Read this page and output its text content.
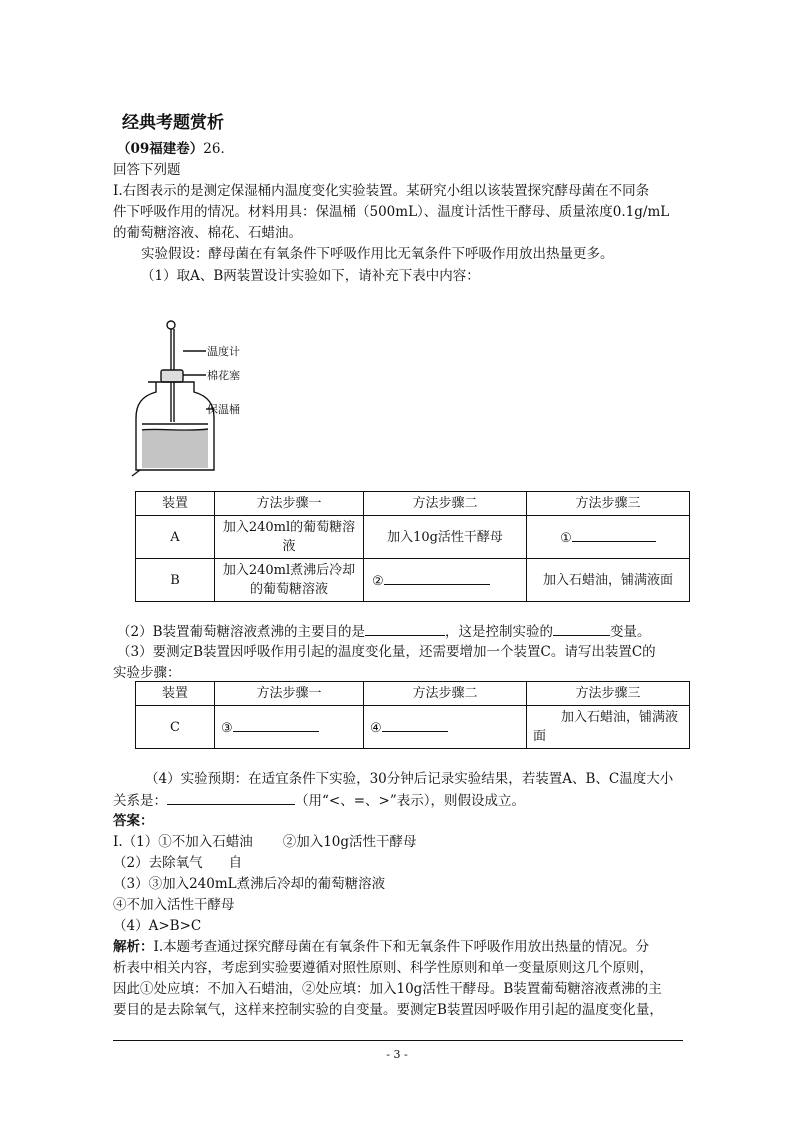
经典考题赏析
（09福建卷）26．
回答下列题
Ⅰ.右图表示的是测定保湿桶内温度变化实验装置。某研究小组以该装置探究酵母菌在不同条
件下呼吸作用的情况。材料用具：保温桶（500mL）、温度计活性干酵母、质量浓度0.1g/mL
的葡萄糖溶液、棉花、石蜡油。
实验假设：酵母菌在有氧条件下呼吸作用比无氧条件下呼吸作用放出热量更多。
（1）取A、B两装置设计实验如下，请补充下表中内容：
温度计
棉花塞
保温桶
装置	方法步骤一	方法步骤二	方法步骤三
A	加入240ml的葡萄糖溶液	加入10g活性干酵母	①
B	加入240ml煮沸后冷却的葡萄糖溶液	②	加入石蜡油，铺满液面
（2）B装置葡萄糖溶液煮沸的主要目的是	，这是控制实验的	变量。
（3）要测定B装置因呼吸作用引起的温度变化量，还需要增加一个装置C。请写出装置C的
实验步骤：
装置	方法步骤一	方法步骤二	方法步骤三
C	③	④	加入石蜡油，铺满液面
（4）实验预期：在适宜条件下实验，30分钟后记录实验结果，若装置A、B、C温度大小
关系是：	（用“<、=、>”表示），则假设成立。
答案：
Ⅰ.（1）①不加入石蜡油 ②加入10g活性干酵母
（2）去除氧气 自
（3）③加入240mL煮沸后冷却的葡萄糖溶液
④不加入活性干酵母
（4）A>B>C
解析：Ⅰ.本题考查通过探究酵母菌在有氧条件下和无氧条件下呼吸作用放出热量的情况。分
析表中相关内容，考虑到实验要遵循对照性原则、科学性原则和单一变量原则这几个原则，
因此①处应填：不加入石蜡油，②处应填：加入10g活性干酵母。B装置葡萄糖溶液煮沸的主
要目的是去除氧气，这样来控制实验的自变量。要测定B装置因呼吸作用引起的温度变化量，
- 3 -
